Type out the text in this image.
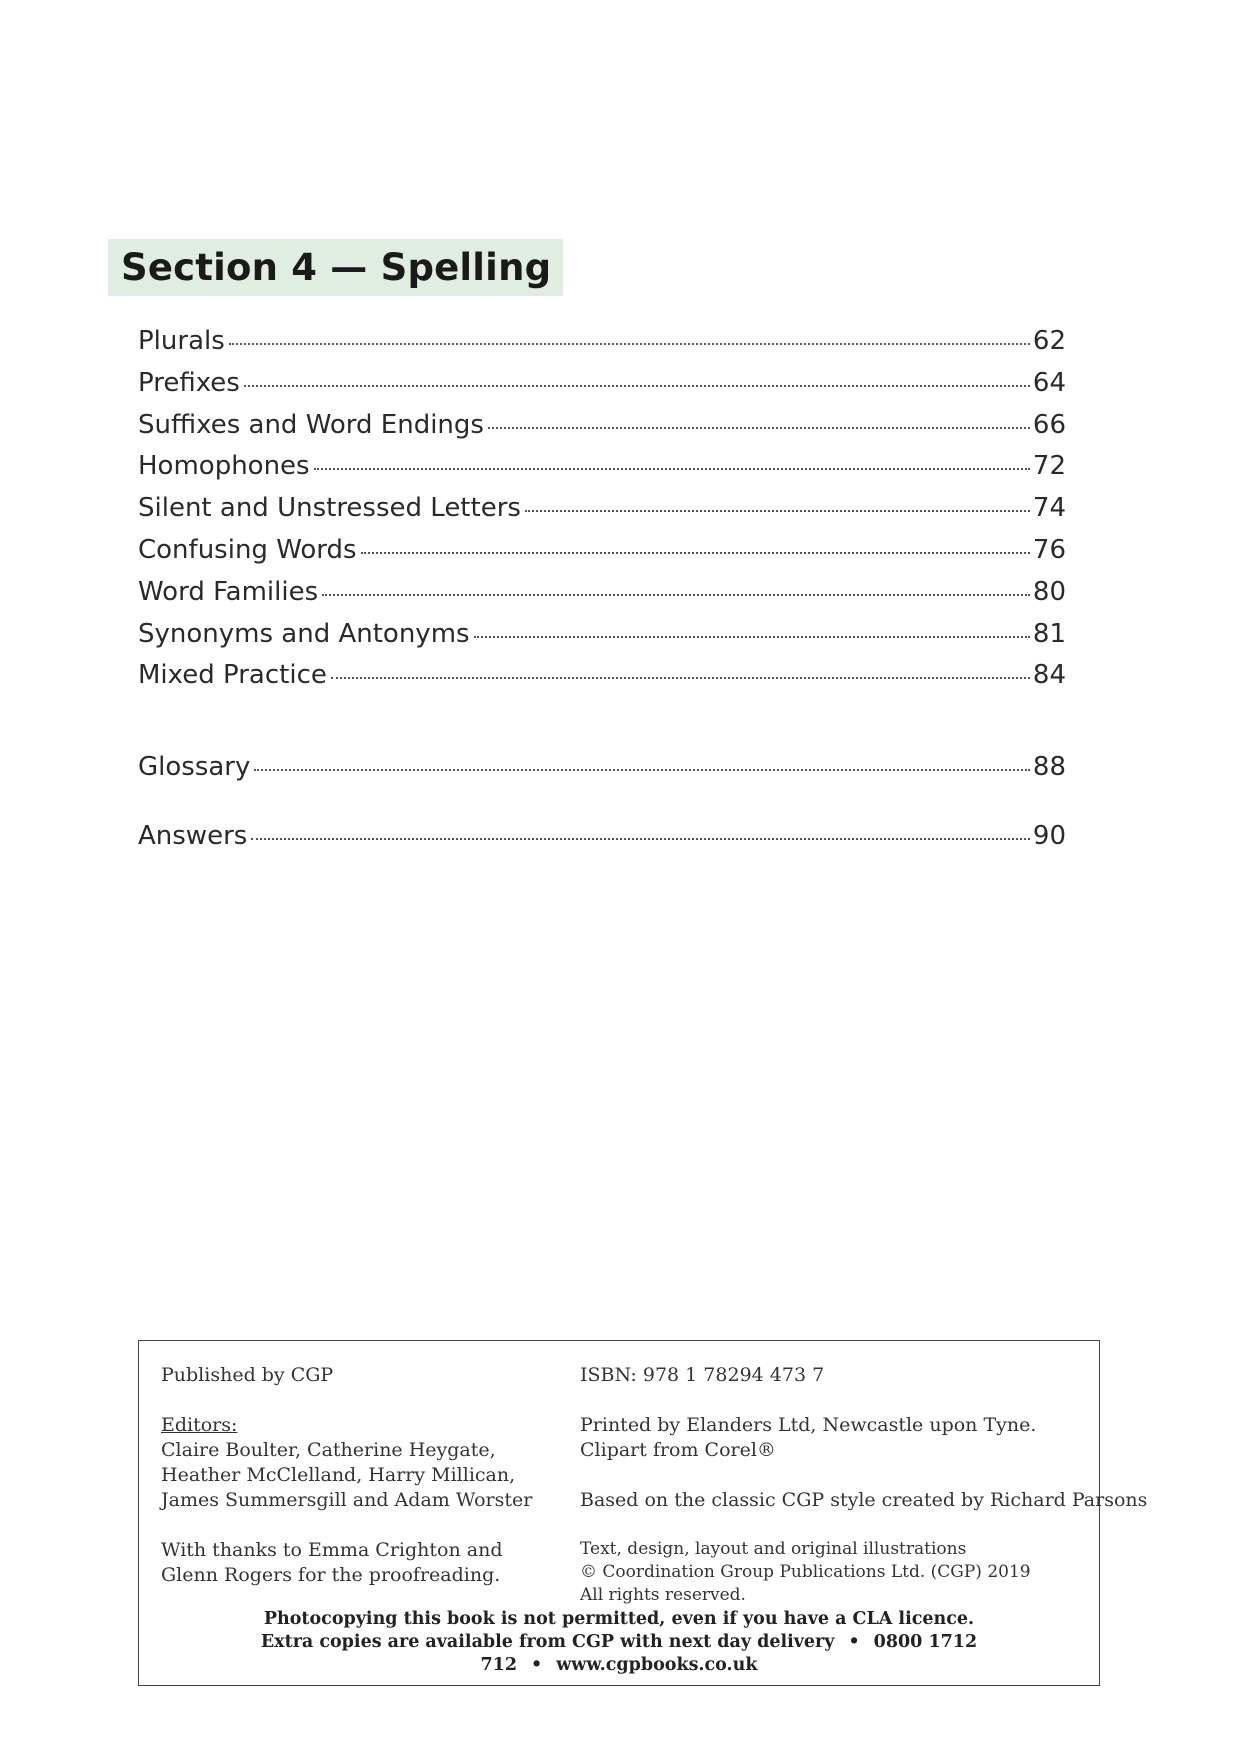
Section 4 — Spelling
Plurals	62
Prefixes	64
Suffixes and Word Endings	66
Homophones	72
Silent and Unstressed Letters	74
Confusing Words	76
Word Families	80
Synonyms and Antonyms	81
Mixed Practice	84
Glossary	88
Answers	90
Published by CGP
Editors:
Claire Boulter, Catherine Heygate,
Heather McClelland, Harry Millican,
James Summersgill and Adam Worster
With thanks to Emma Crighton and
Glenn Rogers for the proofreading.
ISBN: 978 1 78294 473 7
Printed by Elanders Ltd, Newcastle upon Tyne.
Clipart from Corel®
Based on the classic CGP style created by Richard Parsons
Text, design, layout and original illustrations
© Coordination Group Publications Ltd. (CGP) 2019
All rights reserved.
Photocopying this book is not permitted, even if you have a CLA licence.
Extra copies are available from CGP with next day delivery • 0800 1712 712 • www.cgpbooks.co.uk
